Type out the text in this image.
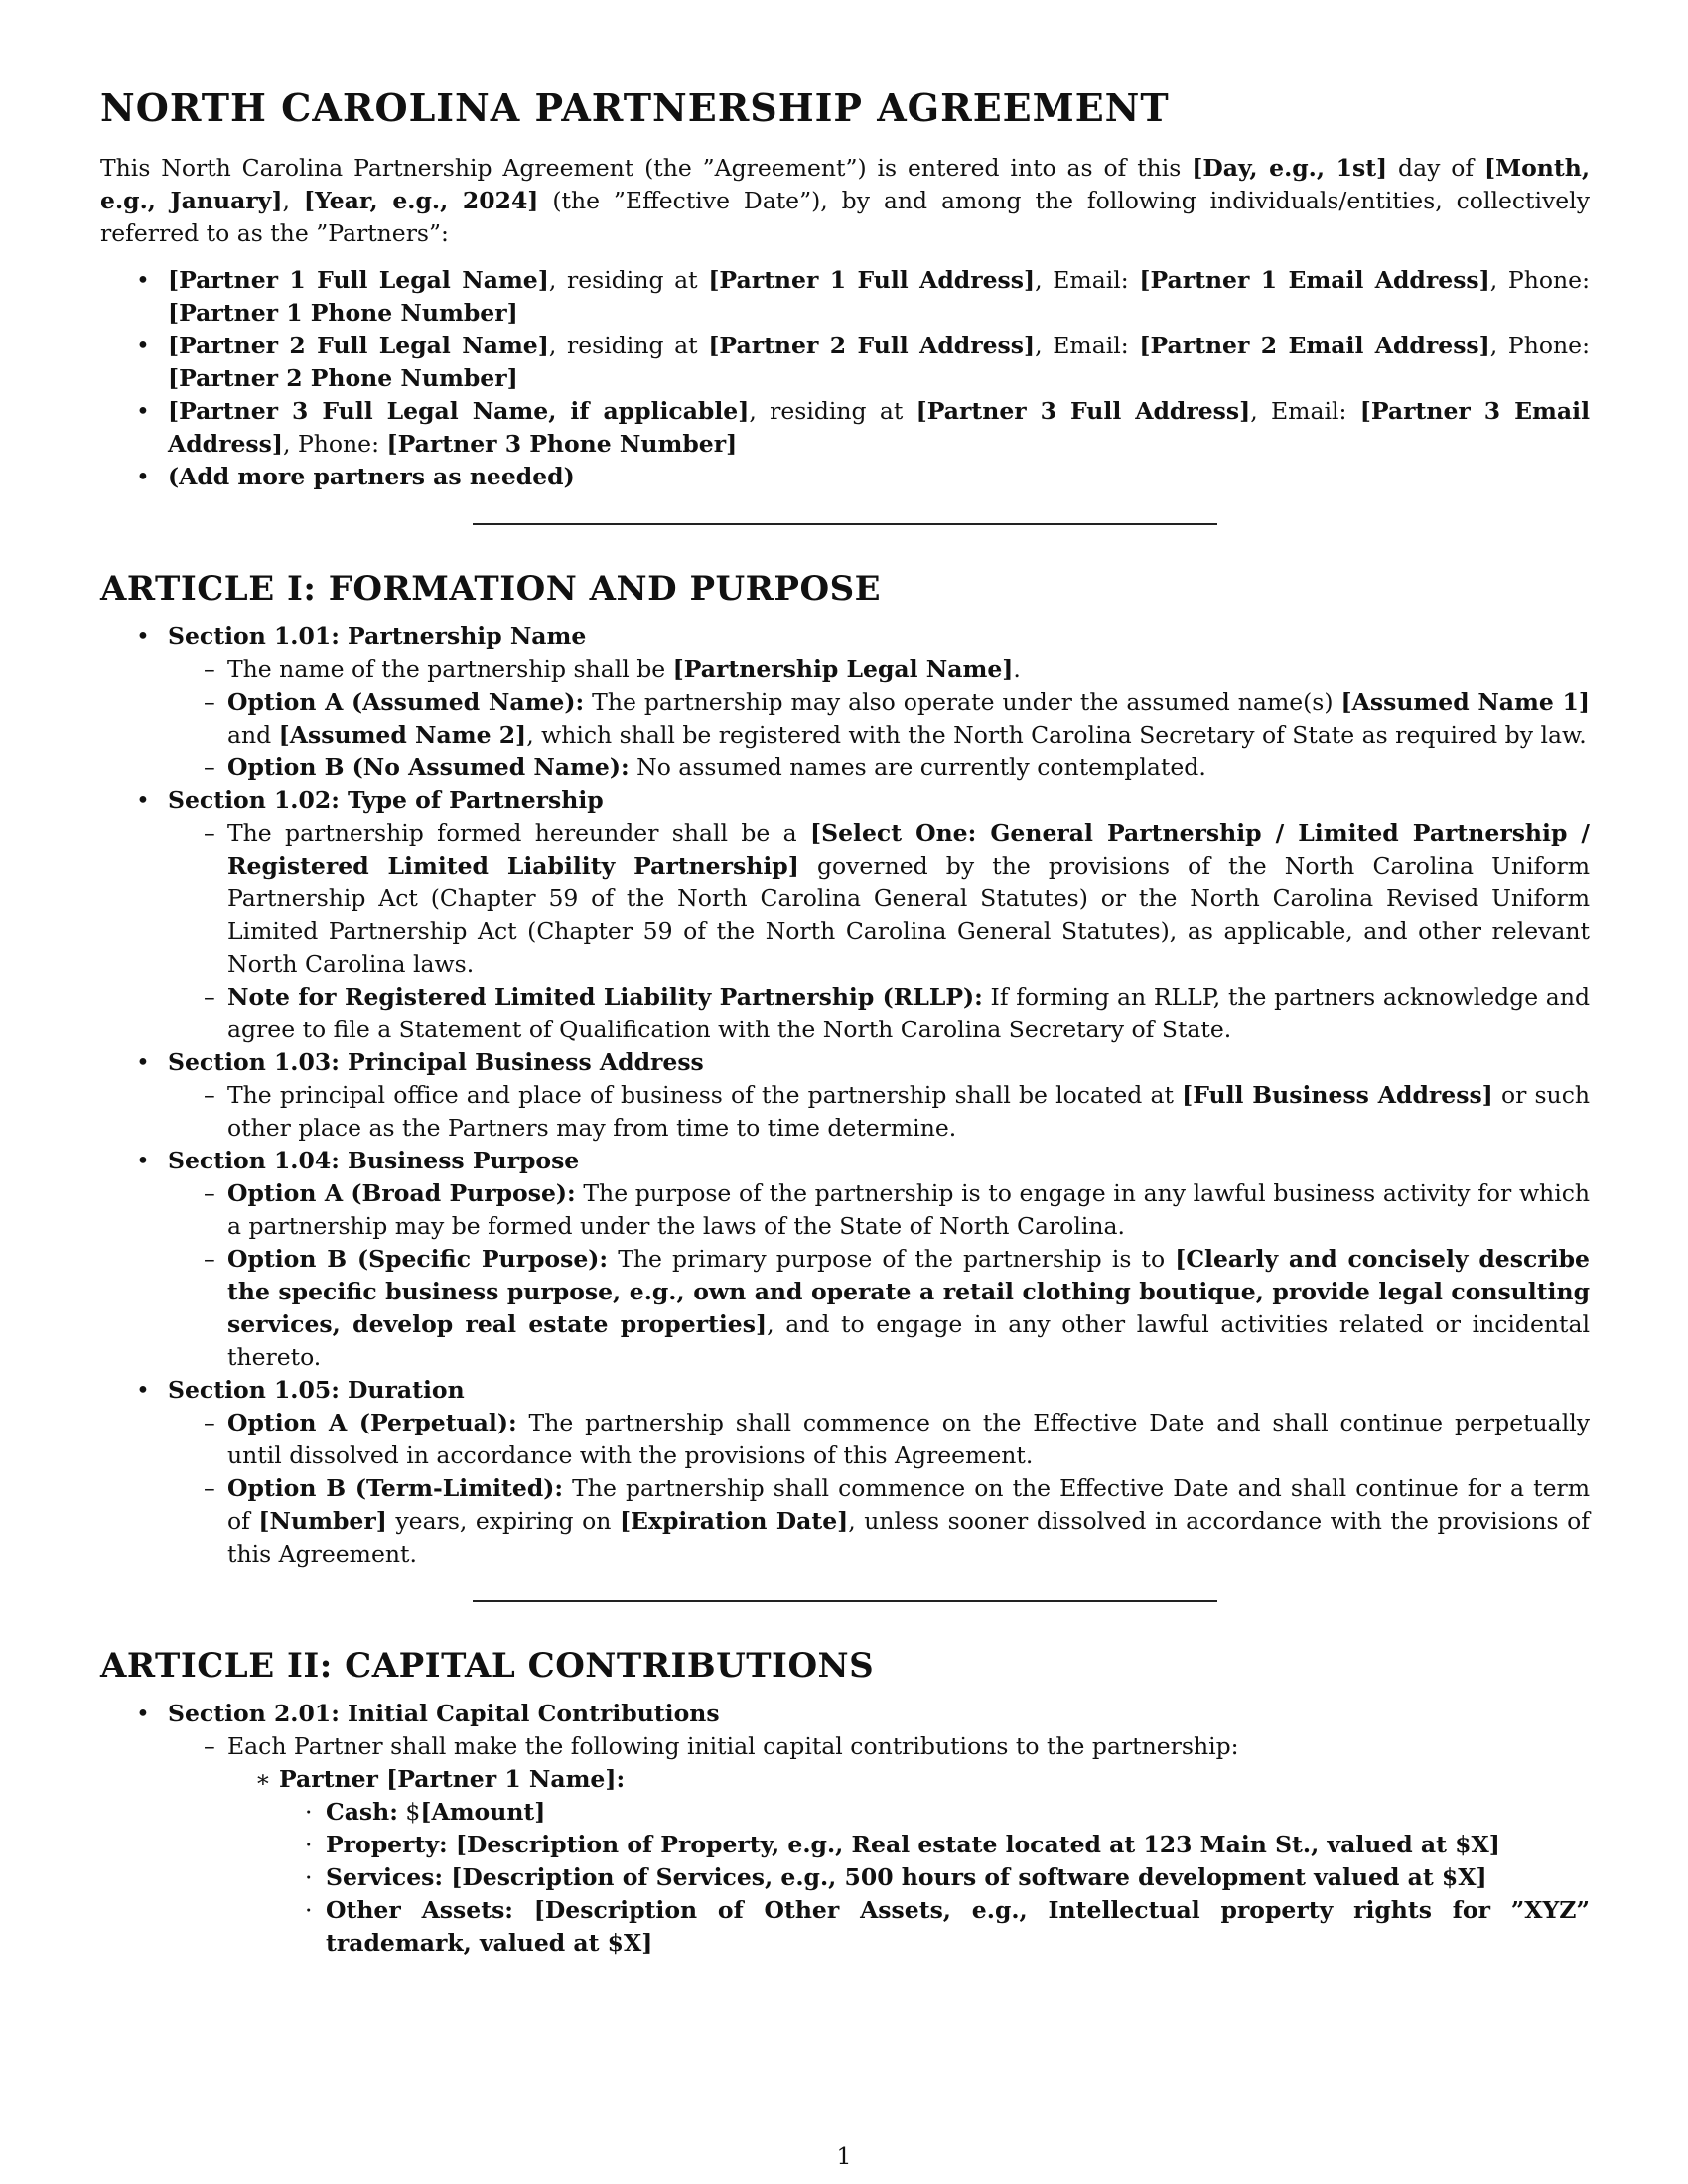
NORTH CAROLINA PARTNERSHIP AGREEMENT

This North Carolina Partnership Agreement (the ”Agreement”) is entered into as of this [Day, e.g., 1st] day of [Month, e.g., January], [Year, e.g., 2024] (the ”Effective Date”), by and among the following individuals/entities, collectively referred to as the ”Partners”:

• [Partner 1 Full Legal Name], residing at [Partner 1 Full Address], Email: [Partner 1 Email Address], Phone: [Partner 1 Phone Number]
• [Partner 2 Full Legal Name], residing at [Partner 2 Full Address], Email: [Partner 2 Email Address], Phone: [Partner 2 Phone Number]
• [Partner 3 Full Legal Name, if applicable], residing at [Partner 3 Full Address], Email: [Partner 3 Email Address], Phone: [Partner 3 Phone Number]
• (Add more partners as needed)
ARTICLE I: FORMATION AND PURPOSE
• Section 1.01: Partnership Name
– The name of the partnership shall be [Partnership Legal Name].
– Option A (Assumed Name): The partnership may also operate under the assumed name(s) [Assumed Name 1] and [Assumed Name 2], which shall be registered with the North Carolina Secretary of State as required by law.
– Option B (No Assumed Name): No assumed names are currently contemplated.
• Section 1.02: Type of Partnership
– The partnership formed hereunder shall be a [Select One: General Partnership / Limited Partnership / Registered Limited Liability Partnership] governed by the provisions of the North Carolina Uniform Partnership Act (Chapter 59 of the North Carolina General Statutes) or the North Carolina Revised Uniform Limited Partnership Act (Chapter 59 of the North Carolina General Statutes), as applicable, and other relevant North Carolina laws.
– Note for Registered Limited Liability Partnership (RLLP): If forming an RLLP, the partners acknowledge and agree to file a Statement of Qualification with the North Carolina Secretary of State.
• Section 1.03: Principal Business Address
– The principal office and place of business of the partnership shall be located at [Full Business Address] or such other place as the Partners may from time to time determine.
• Section 1.04: Business Purpose
– Option A (Broad Purpose): The purpose of the partnership is to engage in any lawful business activity for which a partnership may be formed under the laws of the State of North Carolina.
– Option B (Specific Purpose): The primary purpose of the partnership is to [Clearly and concisely describe the specific business purpose, e.g., own and operate a retail clothing boutique, provide legal consulting services, develop real estate properties], and to engage in any other lawful activities related or incidental thereto.
• Section 1.05: Duration
– Option A (Perpetual): The partnership shall commence on the Effective Date and shall continue perpetually until dissolved in accordance with the provisions of this Agreement.
– Option B (Term-Limited): The partnership shall commence on the Effective Date and shall continue for a term of [Number] years, expiring on [Expiration Date], unless sooner dissolved in accordance with the provisions of this Agreement.
ARTICLE II: CAPITAL CONTRIBUTIONS
• Section 2.01: Initial Capital Contributions
– Each Partner shall make the following initial capital contributions to the partnership:
∗ Partner [Partner 1 Name]:
· Cash: $[Amount]
· Property: [Description of Property, e.g., Real estate located at 123 Main St., valued at $X]
· Services: [Description of Services, e.g., 500 hours of software development valued at $X]
· Other Assets: [Description of Other Assets, e.g., Intellectual property rights for ”XYZ” trademark, valued at $X]
1
